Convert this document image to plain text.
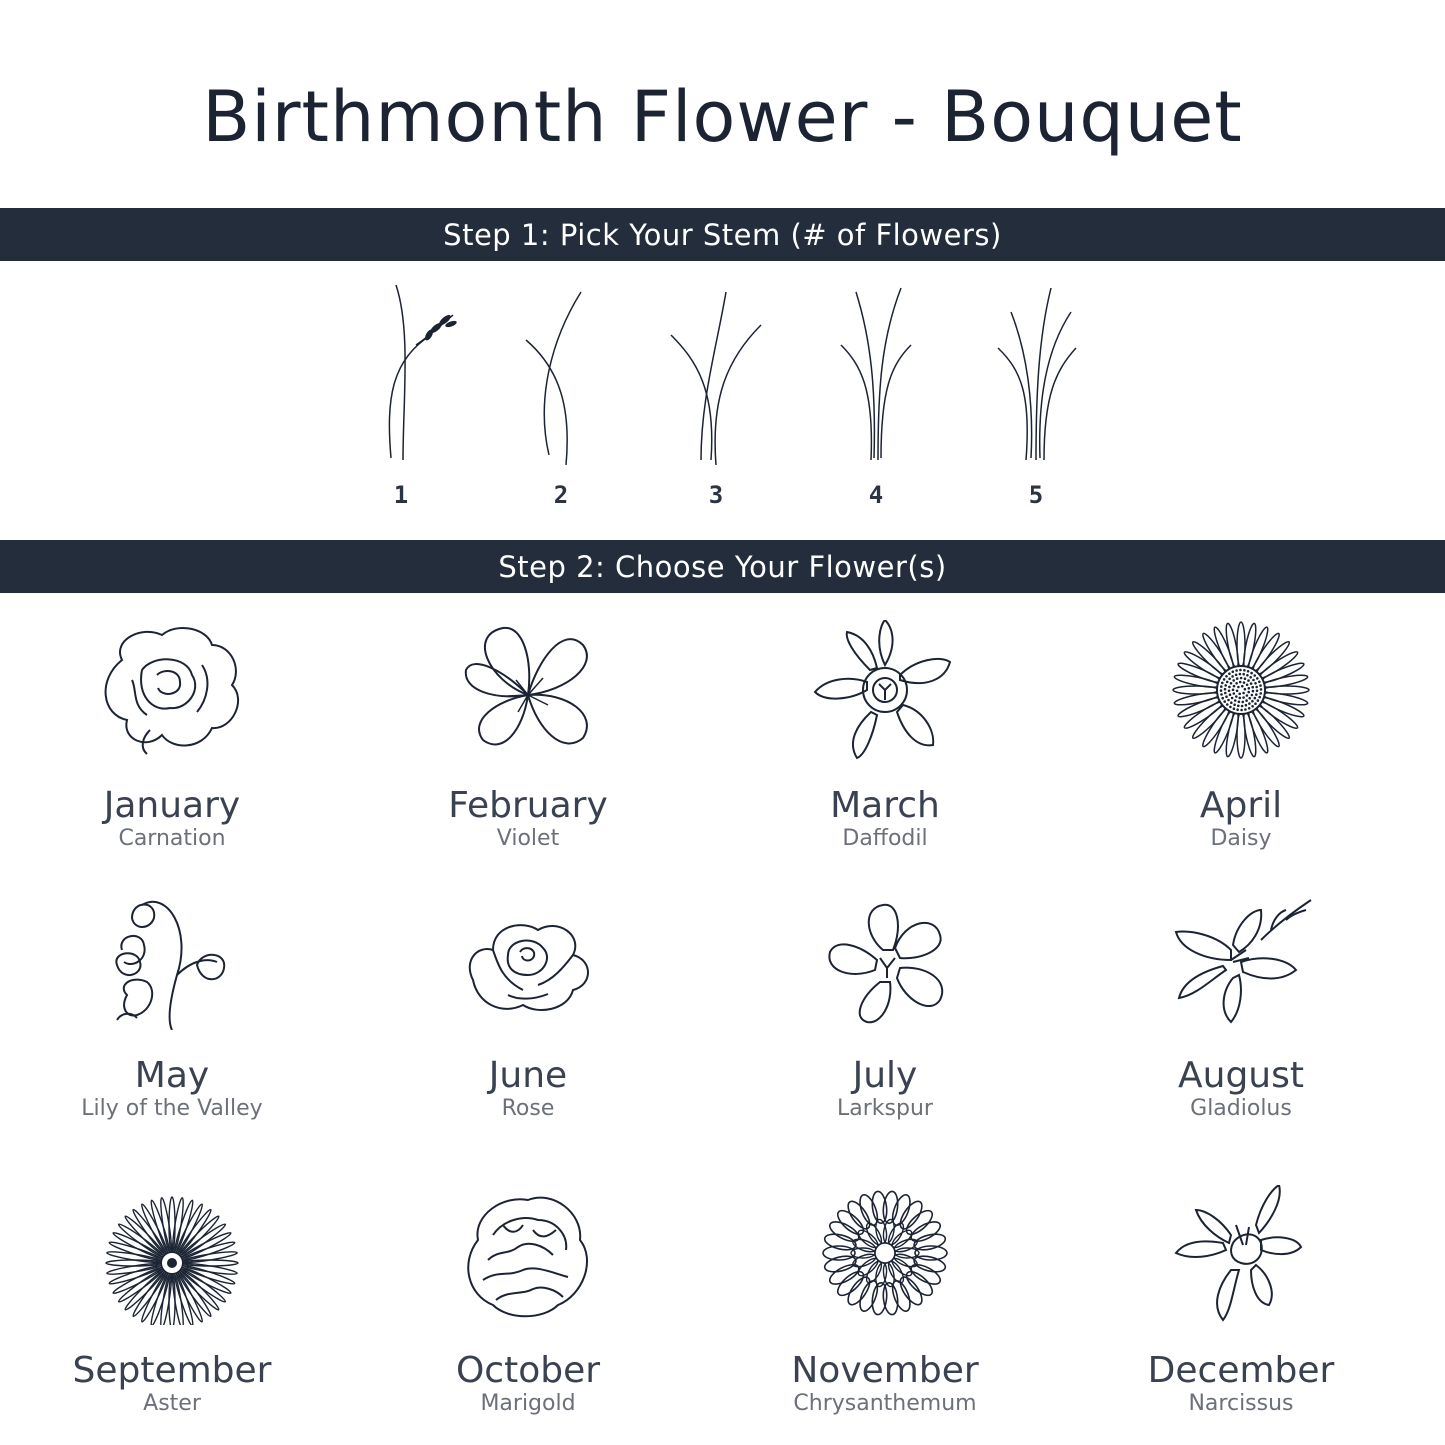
Birthmonth Flower - Bouquet
Step 1: Pick Your Stem (# of Flowers)
1	2	3	4	5
Step 2: Choose Your Flower(s)
January
Carnation
February
Violet
March
Daffodil
April
Daisy
May
Lily of the Valley
June
Rose
July
Larkspur
August
Gladiolus
September
Aster
October
Marigold
November
Chrysanthemum
December
Narcissus
